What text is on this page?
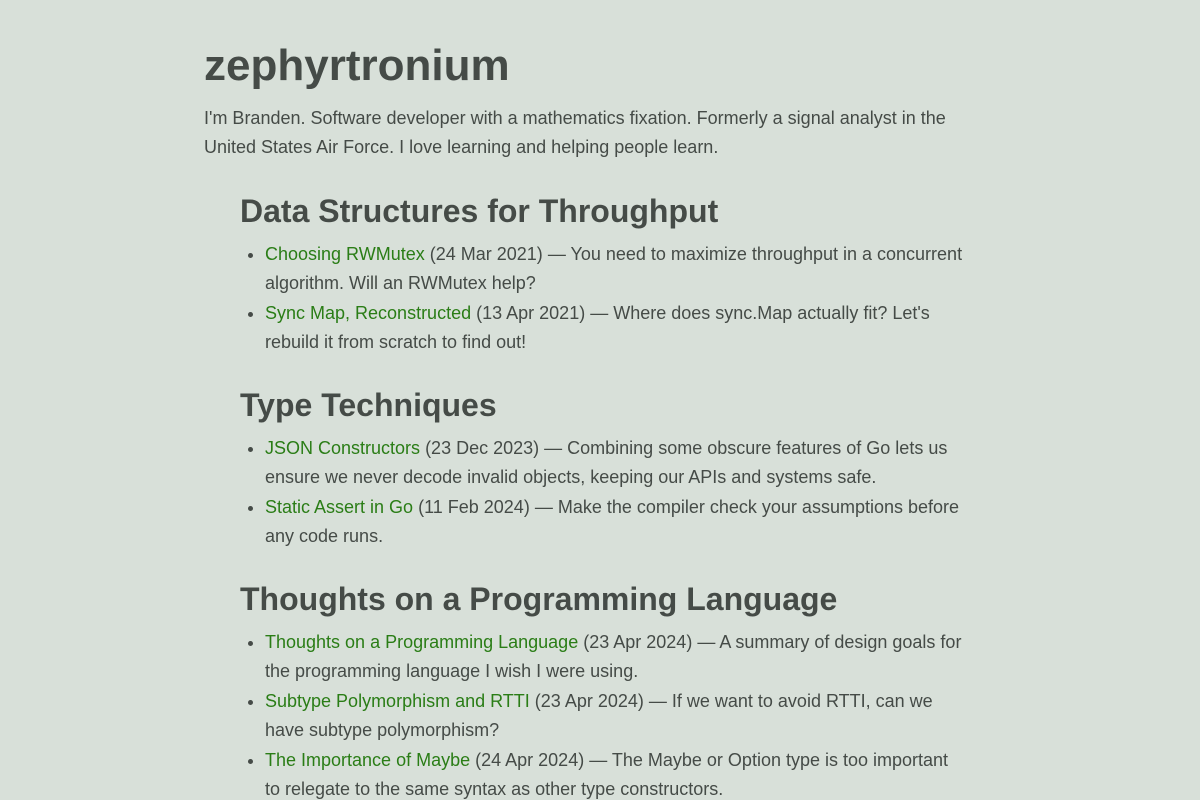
zephyrtronium

I'm Branden. Software developer with a mathematics fixation. Formerly a signal analyst in the United States Air Force. I love learning and helping people learn.

Data Structures for Throughput
• Choosing RWMutex (24 Mar 2021) — You need to maximize throughput in a concurrent algorithm. Will an RWMutex help?
• Sync Map, Reconstructed (13 Apr 2021) — Where does sync.Map actually fit? Let's rebuild it from scratch to find out!
Type Techniques
• JSON Constructors (23 Dec 2023) — Combining some obscure features of Go lets us ensure we never decode invalid objects, keeping our APIs and systems safe.
• Static Assert in Go (11 Feb 2024) — Make the compiler check your assumptions before any code runs.
Thoughts on a Programming Language
• Thoughts on a Programming Language (23 Apr 2024) — A summary of design goals for the programming language I wish I were using.
• Subtype Polymorphism and RTTI (23 Apr 2024) — If we want to avoid RTTI, can we have subtype polymorphism?
• The Importance of Maybe (24 Apr 2024) — The Maybe or Option type is too important to relegate to the same syntax as other type constructors.
